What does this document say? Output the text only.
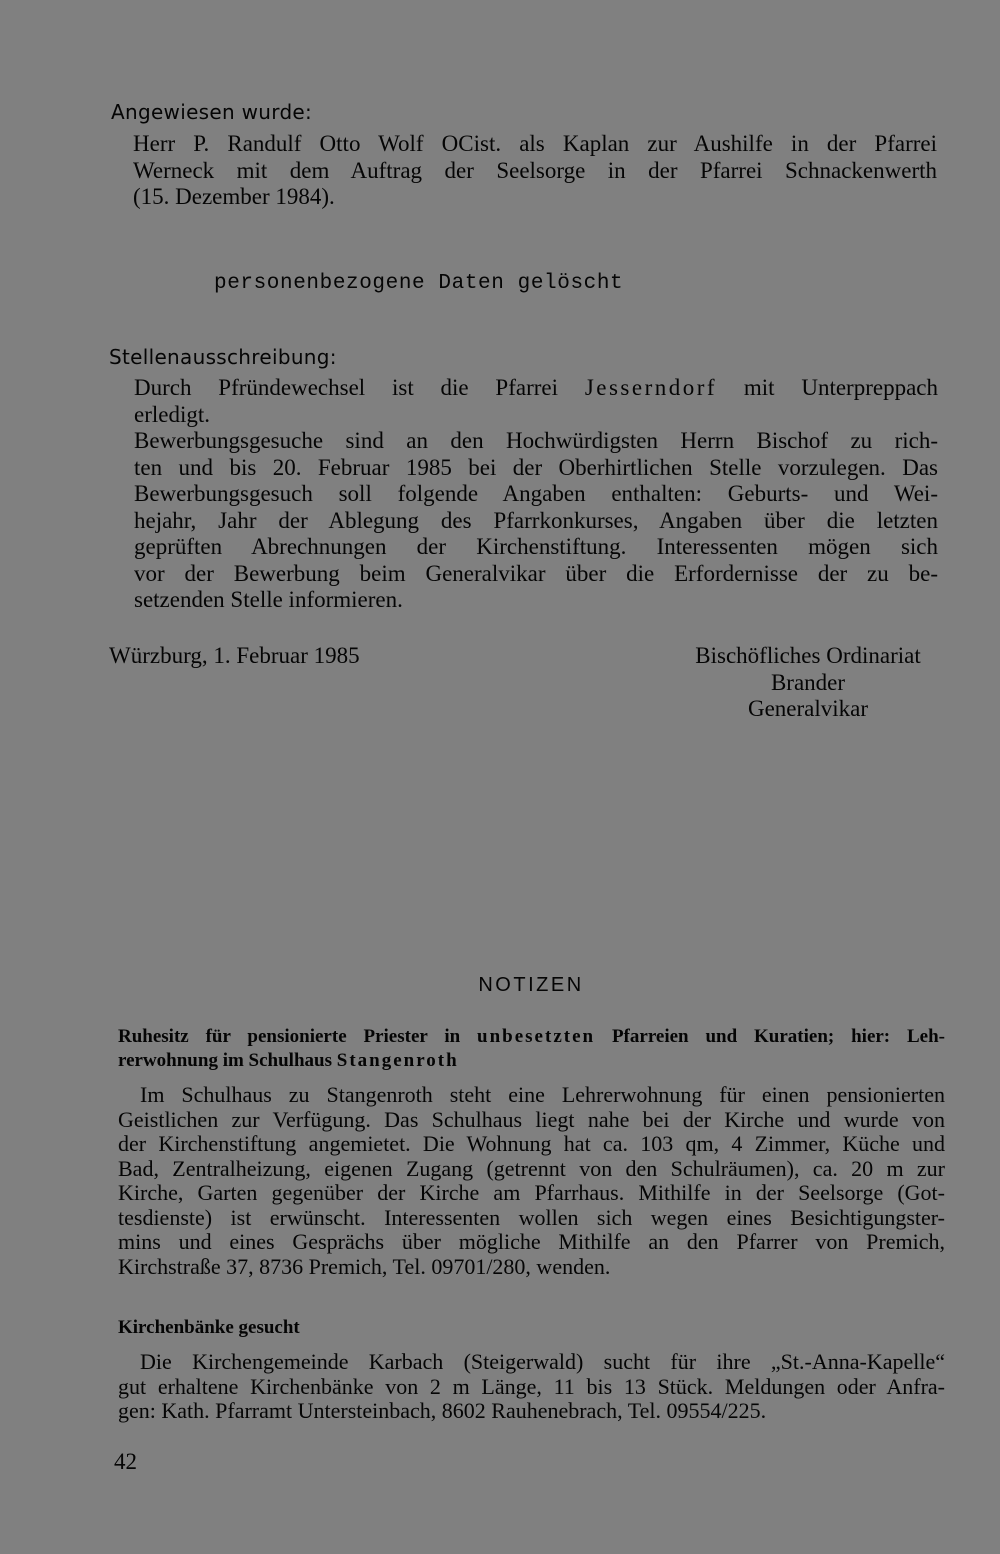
Angewiesen wurde:
Herr P. Randulf Otto Wolf OCist. als Kaplan zur Aushilfe in der Pfarrei
Werneck mit dem Auftrag der Seelsorge in der Pfarrei Schnackenwerth
(15. Dezember 1984).
personenbezogene Daten gelöscht
Stellenausschreibung:
Durch Pfründewechsel ist die Pfarrei Jesserndorf mit Unterpreppach
erledigt.
Bewerbungsgesuche sind an den Hochwürdigsten Herrn Bischof zu rich-
ten und bis 20. Februar 1985 bei der Oberhirtlichen Stelle vorzulegen. Das
Bewerbungsgesuch soll folgende Angaben enthalten: Geburts- und Wei-
hejahr, Jahr der Ablegung des Pfarrkonkurses, Angaben über die letzten
geprüften Abrechnungen der Kirchenstiftung. Interessenten mögen sich
vor der Bewerbung beim Generalvikar über die Erfordernisse der zu be-
setzenden Stelle informieren.
Würzburg, 1. Februar 1985	Bischöfliches Ordinariat
Brander
Generalvikar
NOTIZEN
Ruhesitz für pensionierte Priester in unbesetzten Pfarreien und Kuratien; hier: Leh-
rerwohnung im Schulhaus Stangenroth
Im Schulhaus zu Stangenroth steht eine Lehrerwohnung für einen pensionierten
Geistlichen zur Verfügung. Das Schulhaus liegt nahe bei der Kirche und wurde von
der Kirchenstiftung angemietet. Die Wohnung hat ca. 103 qm, 4 Zimmer, Küche und
Bad, Zentralheizung, eigenen Zugang (getrennt von den Schulräumen), ca. 20 m zur
Kirche, Garten gegenüber der Kirche am Pfarrhaus. Mithilfe in der Seelsorge (Got-
tesdienste) ist erwünscht. Interessenten wollen sich wegen eines Besichtigungster-
mins und eines Gesprächs über mögliche Mithilfe an den Pfarrer von Premich,
Kirchstraße 37, 8736 Premich, Tel. 09701/280, wenden.
Kirchenbänke gesucht
Die Kirchengemeinde Karbach (Steigerwald) sucht für ihre „St.-Anna-Kapelle“
gut erhaltene Kirchenbänke von 2 m Länge, 11 bis 13 Stück. Meldungen oder Anfra-
gen: Kath. Pfarramt Untersteinbach, 8602 Rauhenebrach, Tel. 09554/225.
42
